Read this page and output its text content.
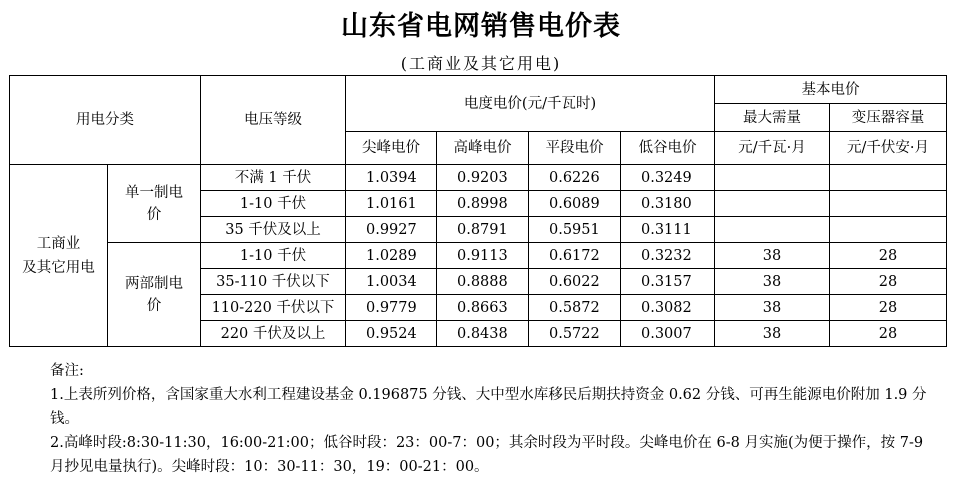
山东省电网销售电价表
(工商业及其它用电)
用电分类		电压等级	电度电价(元/千瓦时)				基本电价	
							最大需量	变压器容量
			尖峰电价	高峰电价	平段电价	低谷电价	元/千瓦·月	元/千伏安·月
工商业
及其它用电	单一制电价	不满 1 千伏	1.0394	0.9203	0.6226	0.3249		
		1-10 千伏	1.0161	0.8998	0.6089	0.3180		
		35 千伏及以上	0.9927	0.8791	0.5951	0.3111		
	两部制电价	1-10 千伏	1.0289	0.9113	0.6172	0.3232	38	28
		35-110 千伏以下	1.0034	0.8888	0.6022	0.3157	38	28
		110-220 千伏以下	0.9779	0.8663	0.5872	0.3082	38	28
		220 千伏及以上	0.9524	0.8438	0.5722	0.3007	38	28

备注:

1.上表所列价格，含国家重大水利工程建设基金 0.196875 分钱、大中型水库移民后期扶持资金 0.62 分钱、可再生能源电价附加 1.9 分钱。

2.高峰时段:8:30-11:30，16:00-21:00；低谷时段：23：00-7：00；其余时段为平时段。尖峰电价在 6-8 月实施(为便于操作，按 7-9 月抄见电量执行)。尖峰时段：10：30-11：30，19：00-21：00。
